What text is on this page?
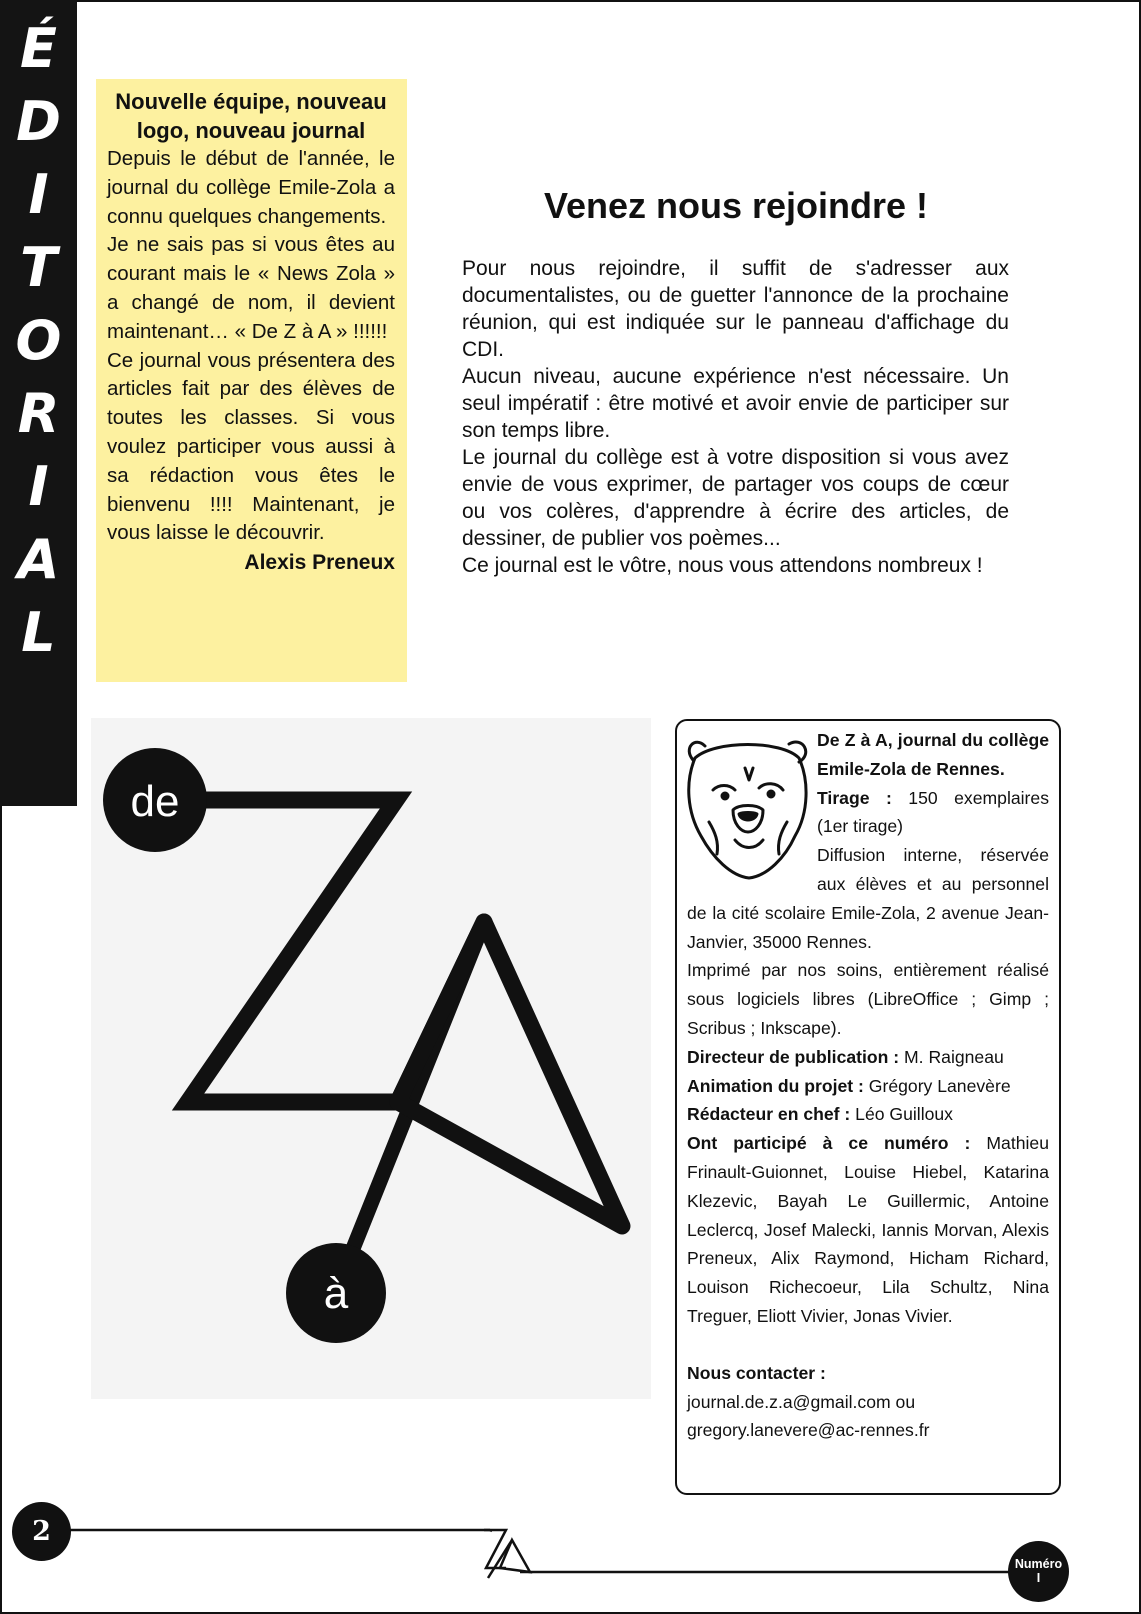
É
D
I
T
O
R
I
A
L
Nouvelle équipe, nouveau logo, nouveau journal

Depuis le début de l'année, le journal du collège Emile-Zola a connu quelques changements.

Je ne sais pas si vous êtes au courant mais le « News Zola » a changé de nom, il devient maintenant… « De Z à A » !!!!!!

Ce journal vous présentera des articles fait par des élèves de toutes les classes. Si vous voulez participer vous aussi à sa rédaction vous êtes le bienvenu !!!! Maintenant, je vous laisse le découvrir.

Alexis Preneux

Venez nous rejoindre !

Pour nous rejoindre, il suffit de s'adresser aux documentalistes, ou de guetter l'annonce de la prochaine réunion, qui est indiquée sur le panneau d'affichage du CDI.

Aucun niveau, aucune expérience n'est nécessaire. Un seul impératif : être motivé et avoir envie de participer sur son temps libre.

Le journal du collège est à votre disposition si vous avez envie de vous exprimer, de partager vos coups de cœur ou vos colères, d'apprendre à écrire des articles, de dessiner, de publier vos poèmes...

Ce journal est le vôtre, nous vous attendons nombreux !

de
à

De Z à A, journal du collège Emile-Zola de Rennes.

Tirage : 150 exemplaires (1er tirage)

Diffusion interne, réservée aux élèves et au personnel de la cité scolaire Emile-Zola, 2 avenue Jean-Janvier, 35000 Rennes.

Imprimé par nos soins, entièrement réalisé sous logiciels libres (LibreOffice ; Gimp ; Scribus ; Inkscape).

Directeur de publication : M. Raigneau

Animation du projet : Grégory Lanevère

Rédacteur en chef : Léo Guilloux

Ont participé à ce numéro : Mathieu Frinault-Guionnet, Louise Hiebel, Katarina Klezevic, Bayah Le Guillermic, Antoine Leclercq, Josef Malecki, Iannis Morvan, Alexis Preneux, Alix Raymond, Hicham Richard, Louison Richecoeur, Lila Schultz, Nina Treguer, Eliott Vivier, Jonas Vivier.

Nous contacter :

journal.de.z.a@gmail.com ou

gregory.lanevere@ac-rennes.fr

2
Numéro
I
